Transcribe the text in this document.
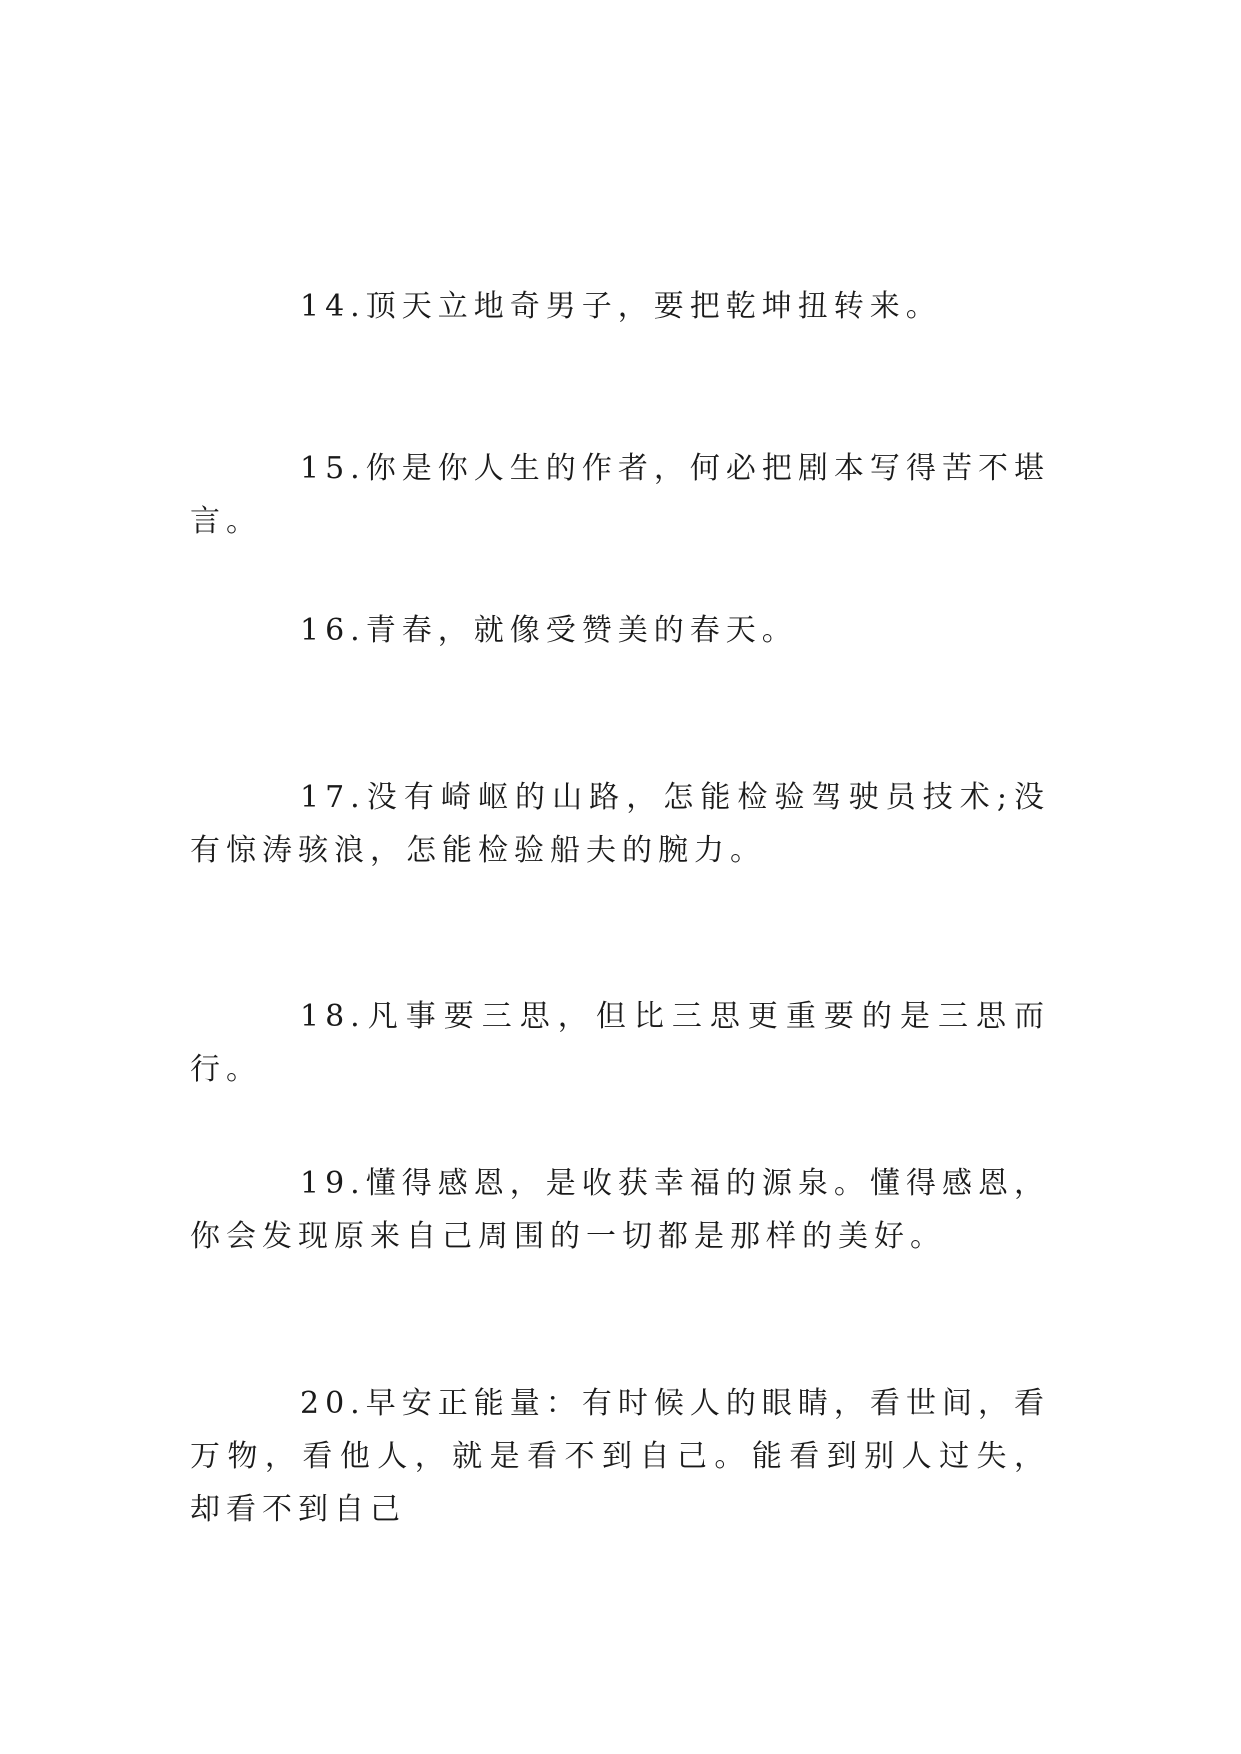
14.顶天立地奇男子，要把乾坤扭转来。

15.你是你人生的作者，何必把剧本写得苦不堪言。

16.青春，就像受赞美的春天。

17.没有崎岖的山路，怎能检验驾驶员技术;没有惊涛骇浪，怎能检验船夫的腕力。

18.凡事要三思，但比三思更重要的是三思而行。

19.懂得感恩，是收获幸福的源泉。懂得感恩，你会发现原来自己周围的一切都是那样的美好。

20.早安正能量：有时候人的眼睛，看世间，看万物，看他人，就是看不到自己。能看到别人过失，却看不到自己
